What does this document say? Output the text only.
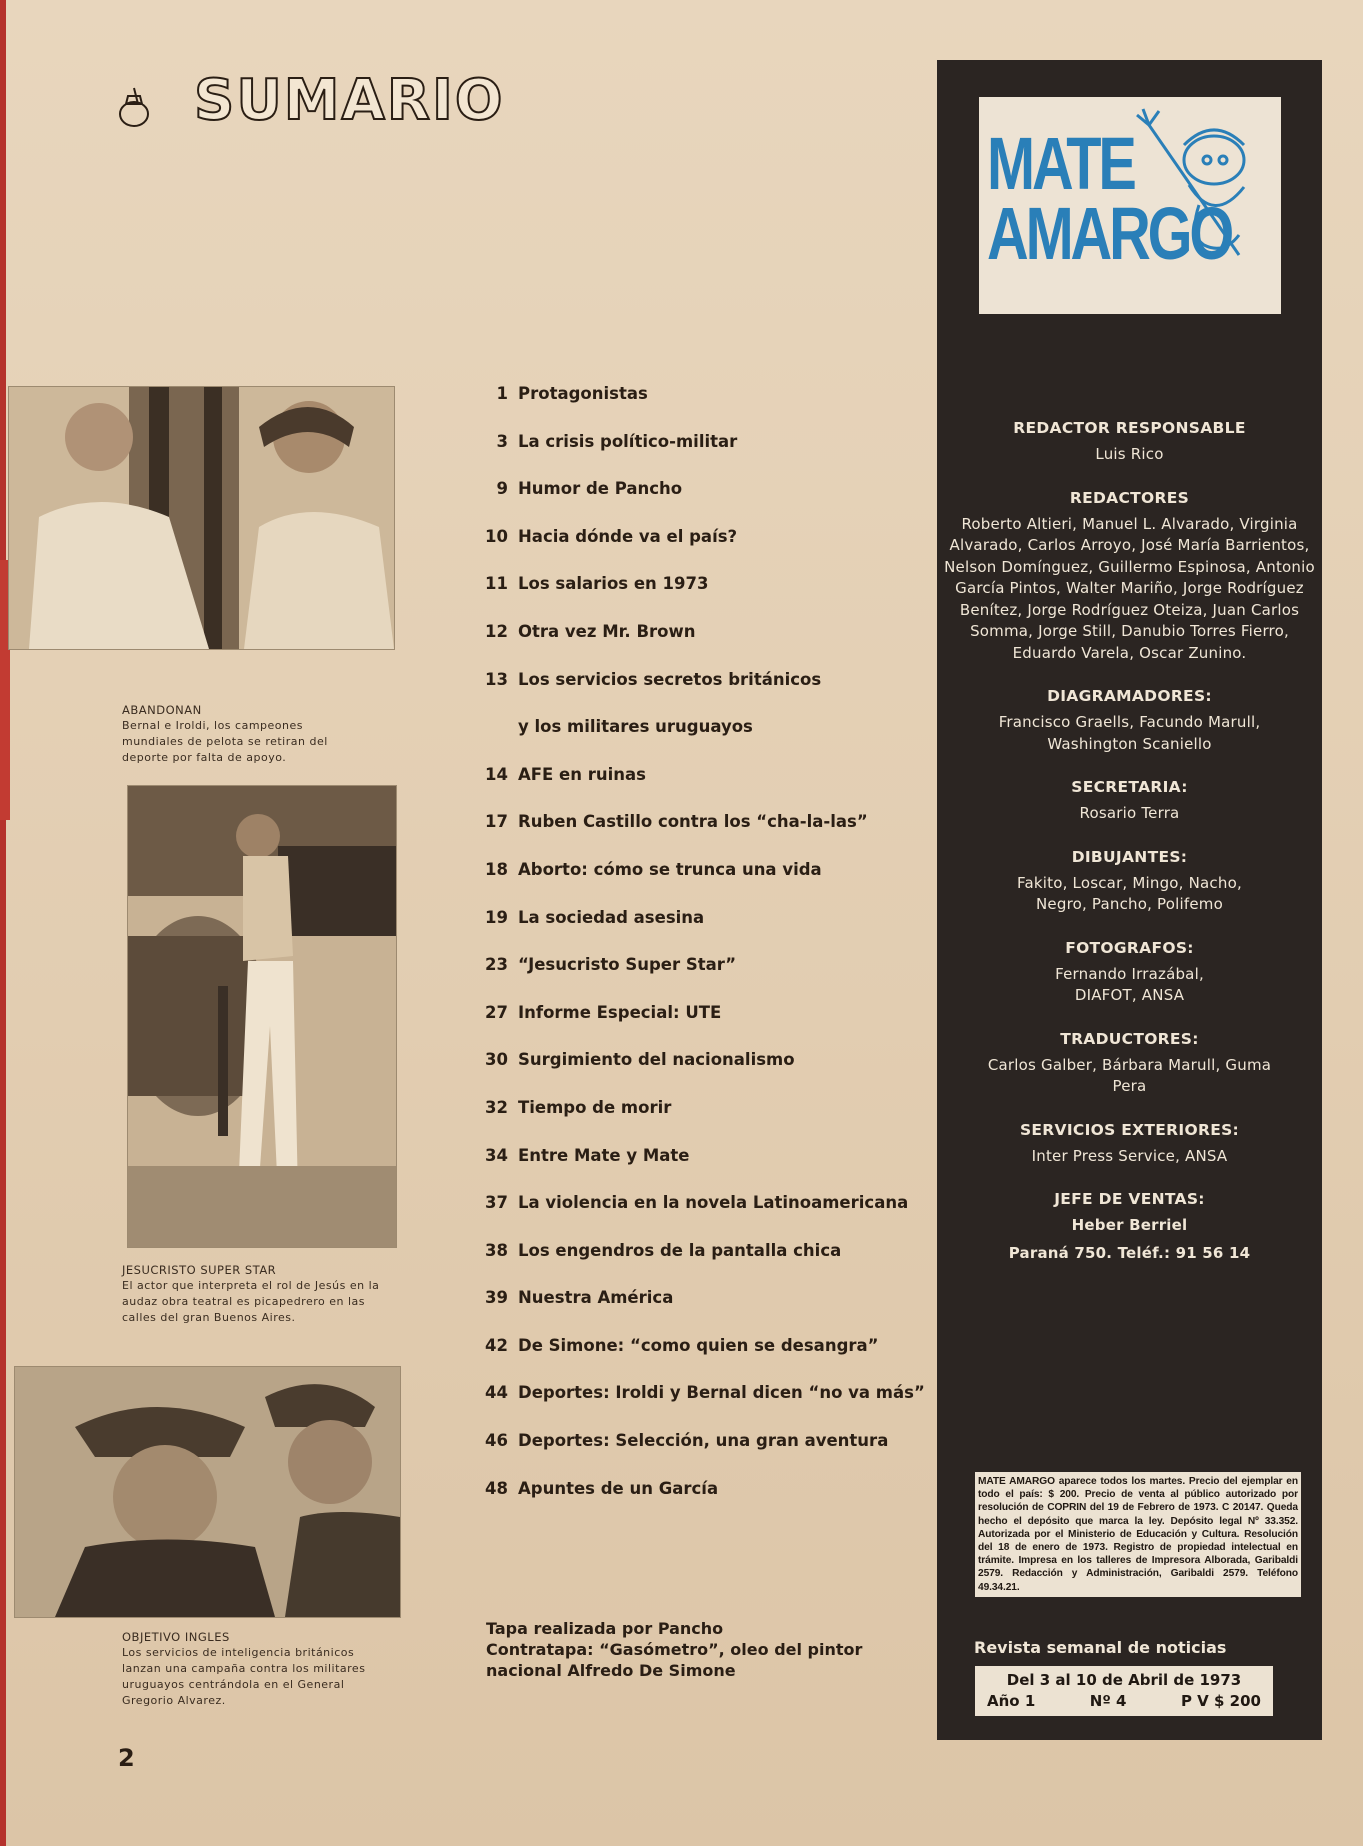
SUMARIO
ABANDONAN
Bernal e Iroldi, los campeones mundiales de pelota se retiran del deporte por falta de apoyo.
JESUCRISTO SUPER STAR
El actor que interpreta el rol de Jesús en la audaz obra teatral es picapedrero en las calles del gran Buenos Aires.
OBJETIVO INGLES
Los servicios de inteligencia británicos lanzan una campaña contra los militares uruguayos centrándola en el General Gregorio Alvarez.
1 Protagonistas
3 La crisis político-militar
9 Humor de Pancho
10 Hacia dónde va el país?
11 Los salarios en 1973
12 Otra vez Mr. Brown
13 Los servicios secretos británicos
y los militares uruguayos
14 AFE en ruinas
17 Ruben Castillo contra los “cha-la-las”
18 Aborto: cómo se trunca una vida
19 La sociedad asesina
23 “Jesucristo Super Star”
27 Informe Especial: UTE
30 Surgimiento del nacionalismo
32 Tiempo de morir
34 Entre Mate y Mate
37 La violencia en la novela Latinoamericana
38 Los engendros de la pantalla chica
39 Nuestra América
42 De Simone: “como quien se desangra”
44 Deportes: Iroldi y Bernal dicen “no va más”
46 Deportes: Selección, una gran aventura
48 Apuntes de un García
Tapa realizada por Pancho
Contratapa: “Gasómetro”, oleo del pintor
nacional Alfredo De Simone
2
MATE
AMARGO
REDACTOR RESPONSABLE
Luis Rico
REDACTORES
Roberto Altieri, Manuel L. Alvarado, Virginia Alvarado, Carlos Arroyo, José María Barrientos, Nelson Domínguez, Guillermo Espinosa, Antonio García Pintos, Walter Mariño, Jorge Rodríguez Benítez, Jorge Rodríguez Oteiza, Juan Carlos Somma, Jorge Still, Danubio Torres Fierro, Eduardo Varela, Oscar Zunino.
DIAGRAMADORES:
Francisco Graells, Facundo Marull, Washington Scaniello
SECRETARIA:
Rosario Terra
DIBUJANTES:
Fakito, Loscar, Mingo, Nacho, Negro, Pancho, Polifemo
FOTOGRAFOS:
Fernando Irrazábal, DIAFOT, ANSA
TRADUCTORES:
Carlos Galber, Bárbara Marull, Guma Pera
SERVICIOS EXTERIORES:
Inter Press Service, ANSA
JEFE DE VENTAS:
Heber Berriel
Paraná 750. Teléf.: 91 56 14
MATE AMARGO aparece todos los martes. Precio del ejemplar en todo el país: $ 200. Precio de venta al público autorizado por resolución de COPRIN del 19 de Febrero de 1973. C 20147. Queda hecho el depósito que marca la ley. Depósito legal Nº 33.352. Autorizada por el Ministerio de Educación y Cultura. Resolución del 18 de enero de 1973. Registro de propiedad intelectual en trámite. Impresa en los talleres de Impresora Alborada, Garibaldi 2579. Redacción y Administración, Garibaldi 2579. Teléfono 49.34.21.
Revista semanal de noticias
Del 3 al 10 de Abril de 1973
Año 1	Nº 4	P V $ 200
